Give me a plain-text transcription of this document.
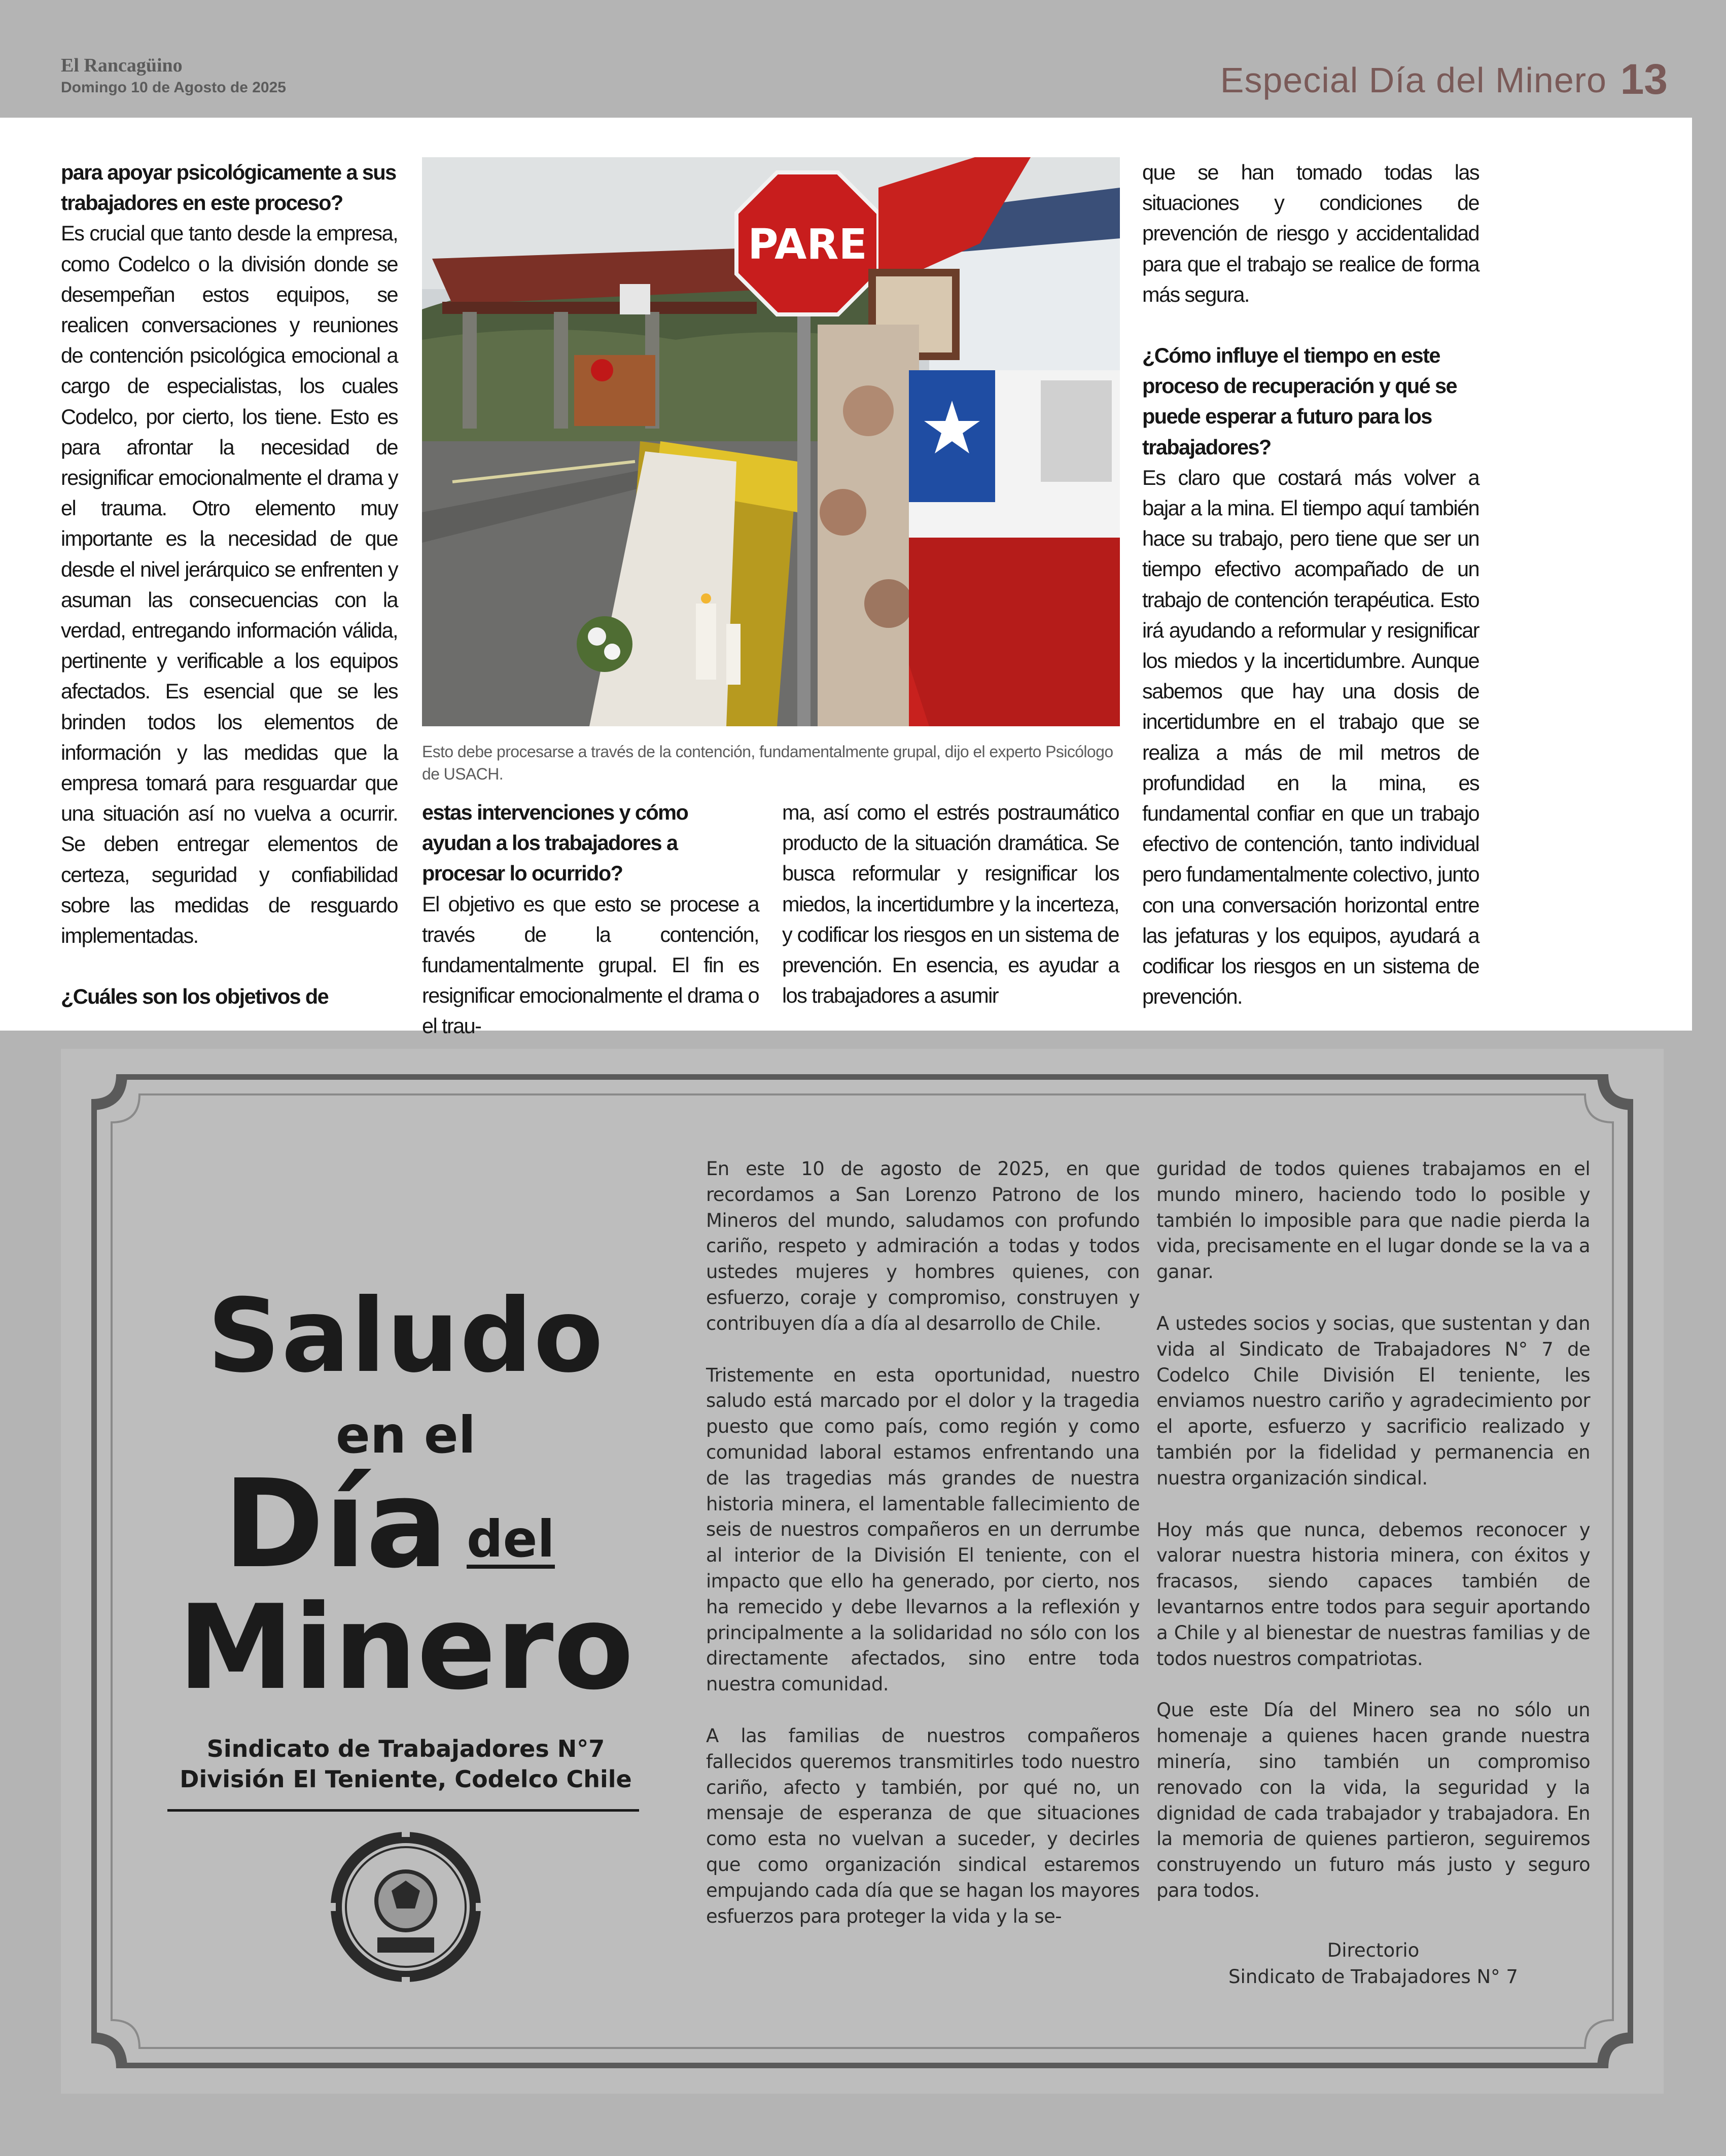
El Rancagüino
Domingo 10 de Agosto de 2025	Especial Día del Minero 13

para apoyar psicológicamente a sus trabajadores en este proceso?

Es crucial que tanto desde la empresa, como Codelco o la división donde se desempeñan estos equipos, se realicen conversaciones y reuniones de contención psicológica emocional a cargo de especialistas, los cuales Codelco, por cierto, los tiene. Esto es para afrontar la necesidad de resignificar emocionalmente el drama y el trauma. Otro elemento muy importante es la necesidad de que desde el nivel jerárquico se enfrenten y asuman las consecuencias con la verdad, entregando información válida, pertinente y verificable a los equipos afectados. Es esencial que se les brinden todos los elementos de información y las medidas que la empresa tomará para resguardar que una situación así no vuelva a ocurrir. Se deben entregar elementos de certeza, seguridad y confiabilidad sobre las medidas de resguardo implementadas.

¿Cuáles son los objetivos de

PARE
Esto debe procesarse a través de la contención, fundamentalmente grupal, dijo el experto Psicólogo de USACH.

estas intervenciones y cómo ayudan a los trabajadores a procesar lo ocurrido?

El objetivo es que esto se procese a través de la contención, fundamentalmente grupal. El fin es resignificar emocionalmente el drama o el trau-

ma, así como el estrés postraumático producto de la situación dramática. Se busca reformular y resignificar los miedos, la incertidumbre y la incerteza, y codificar los riesgos en un sistema de prevención. En esencia, es ayudar a los trabajadores a asumir

que se han tomado todas las situaciones y condiciones de prevención de riesgo y accidentalidad para que el trabajo se realice de forma más segura.

¿Cómo influye el tiempo en este proceso de recuperación y qué se puede esperar a futuro para los trabajadores?

Es claro que costará más volver a bajar a la mina. El tiempo aquí también hace su trabajo, pero tiene que ser un tiempo efectivo acompañado de un trabajo de contención terapéutica. Esto irá ayudando a reformular y resignificar los miedos y la incertidumbre. Aunque sabemos que hay una dosis de incertidumbre en el trabajo que se realiza a más de mil metros de profundidad en la mina, es fundamental confiar en que un trabajo efectivo de contención, tanto individual pero fundamentalmente colectivo, junto con una conversación horizontal entre las jefaturas y los equipos, ayudará a codificar los riesgos en un sistema de prevención.

Saludo
en el
Día del
Minero
Sindicato de Trabajadores N°7
División El Teniente, Codelco Chile

En este 10 de agosto de 2025, en que recordamos a San Lorenzo Patrono de los Mineros del mundo, saludamos con profundo cariño, respeto y admiración a todas y todos ustedes mujeres y hombres quienes, con esfuerzo, coraje y compromiso, construyen y contribuyen día a día al desarrollo de Chile.

Tristemente en esta oportunidad, nuestro saludo está marcado por el dolor y la tragedia puesto que como país, como región y como comunidad laboral estamos enfrentando una de las tragedias más grandes de nuestra historia minera, el lamentable fallecimiento de seis de nuestros compañeros en un derrumbe al interior de la División El teniente, con el impacto que ello ha generado, por cierto, nos ha remecido y debe llevarnos a la reflexión y principalmente a la solidaridad no sólo con los directamente afectados, sino entre toda nuestra comunidad.

A las familias de nuestros compañeros fallecidos queremos transmitirles todo nuestro cariño, afecto y también, por qué no, un mensaje de esperanza de que situaciones como esta no vuelvan a suceder, y decirles que como organización sindical estaremos empujando cada día que se hagan los mayores esfuerzos para proteger la vida y la se-

guridad de todos quienes trabajamos en el mundo minero, haciendo todo lo posible y también lo imposible para que nadie pierda la vida, precisamente en el lugar donde se la va a ganar.

A ustedes socios y socias, que sustentan y dan vida al Sindicato de Trabajadores N° 7 de Codelco Chile División El teniente, les enviamos nuestro cariño y agradecimiento por el aporte, esfuerzo y sacrificio realizado y también por la fidelidad y permanencia en nuestra organización sindical.

Hoy más que nunca, debemos reconocer y valorar nuestra historia minera, con éxitos y fracasos, siendo capaces también de levantarnos entre todos para seguir aportando a Chile y al bienestar de nuestras familias y de todos nuestros compatriotas.

Que este Día del Minero sea no sólo un homenaje a quienes hacen grande nuestra minería, sino también un compromiso renovado con la vida, la seguridad y la dignidad de cada trabajador y trabajadora. En la memoria de quienes partieron, seguiremos construyendo un futuro más justo y seguro para todos.

Directorio
Sindicato de Trabajadores N° 7
